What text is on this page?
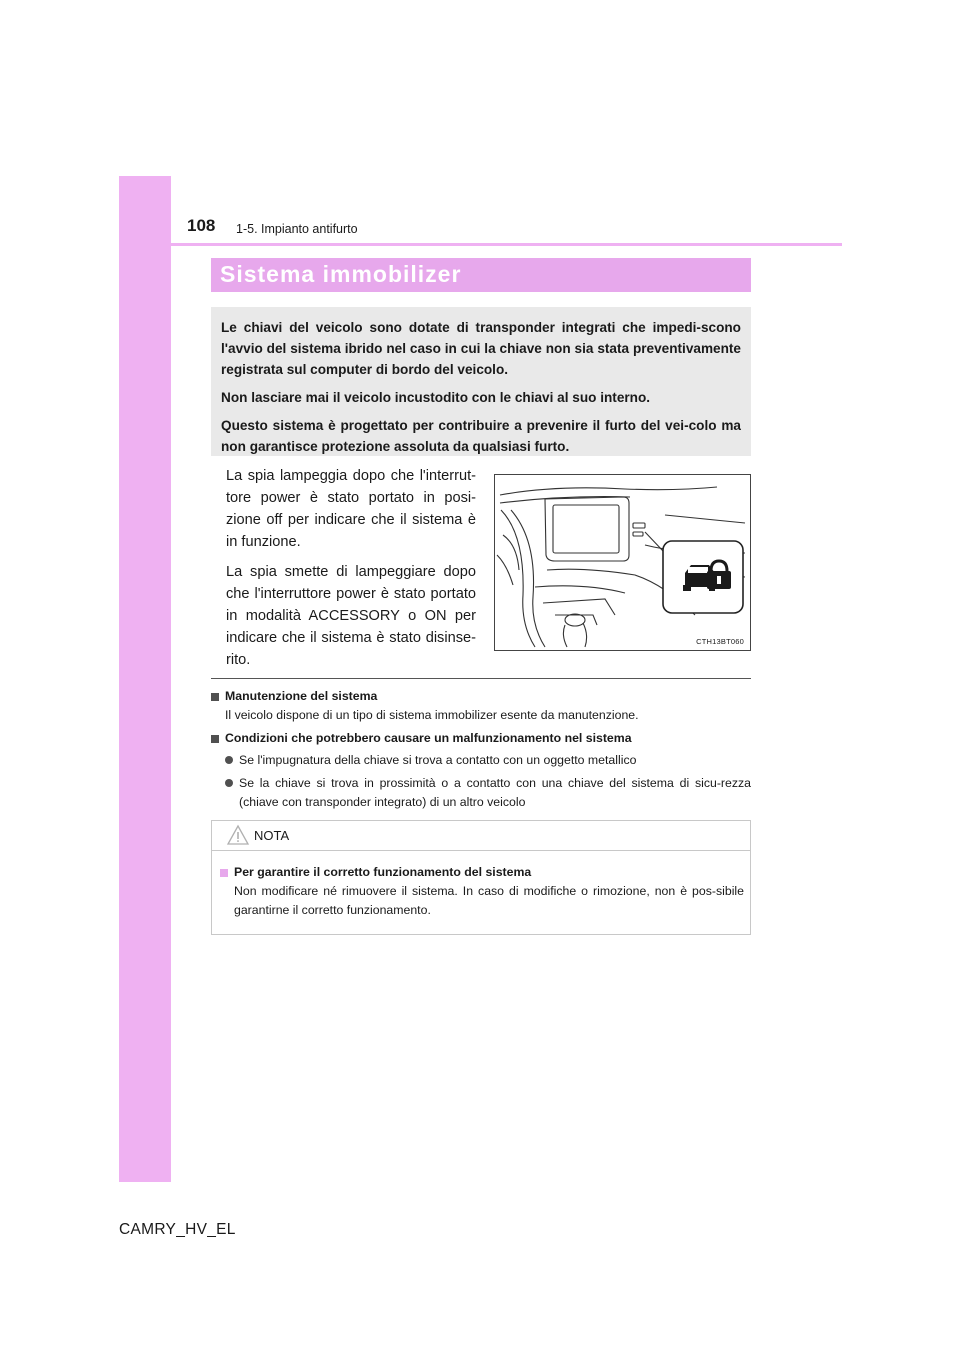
108 1-5. Impianto antifurto
Sistema immobilizer

Le chiavi del veicolo sono dotate di transponder integrati che impedi-scono l'avvio del sistema ibrido nel caso in cui la chiave non sia stata preventivamente registrata sul computer di bordo del veicolo.

Non lasciare mai il veicolo incustodito con le chiavi al suo interno.

Questo sistema è progettato per contribuire a prevenire il furto del vei-colo ma non garantisce protezione assoluta da qualsiasi furto.

La spia lampeggia dopo che l'interrut-tore power è stato portato in posi-zione off per indicare che il sistema è in funzione.

La spia smette di lampeggiare dopo che l'interruttore power è stato portato in modalità ACCESSORY o ON per indicare che il sistema è stato disinse-rito.

CTH13BT060
Manutenzione del sistema
Il veicolo dispone di un tipo di sistema immobilizer esente da manutenzione.
Condizioni che potrebbero causare un malfunzionamento nel sistema
Se l'impugnatura della chiave si trova a contatto con un oggetto metallico
Se la chiave si trova in prossimità o a contatto con una chiave del sistema di sicu-rezza (chiave con transponder integrato) di un altro veicolo
NOTA
Per garantire il corretto funzionamento del sistema
Non modificare né rimuovere il sistema. In caso di modifiche o rimozione, non è pos-sibile garantirne il corretto funzionamento.
CAMRY_HV_EL
